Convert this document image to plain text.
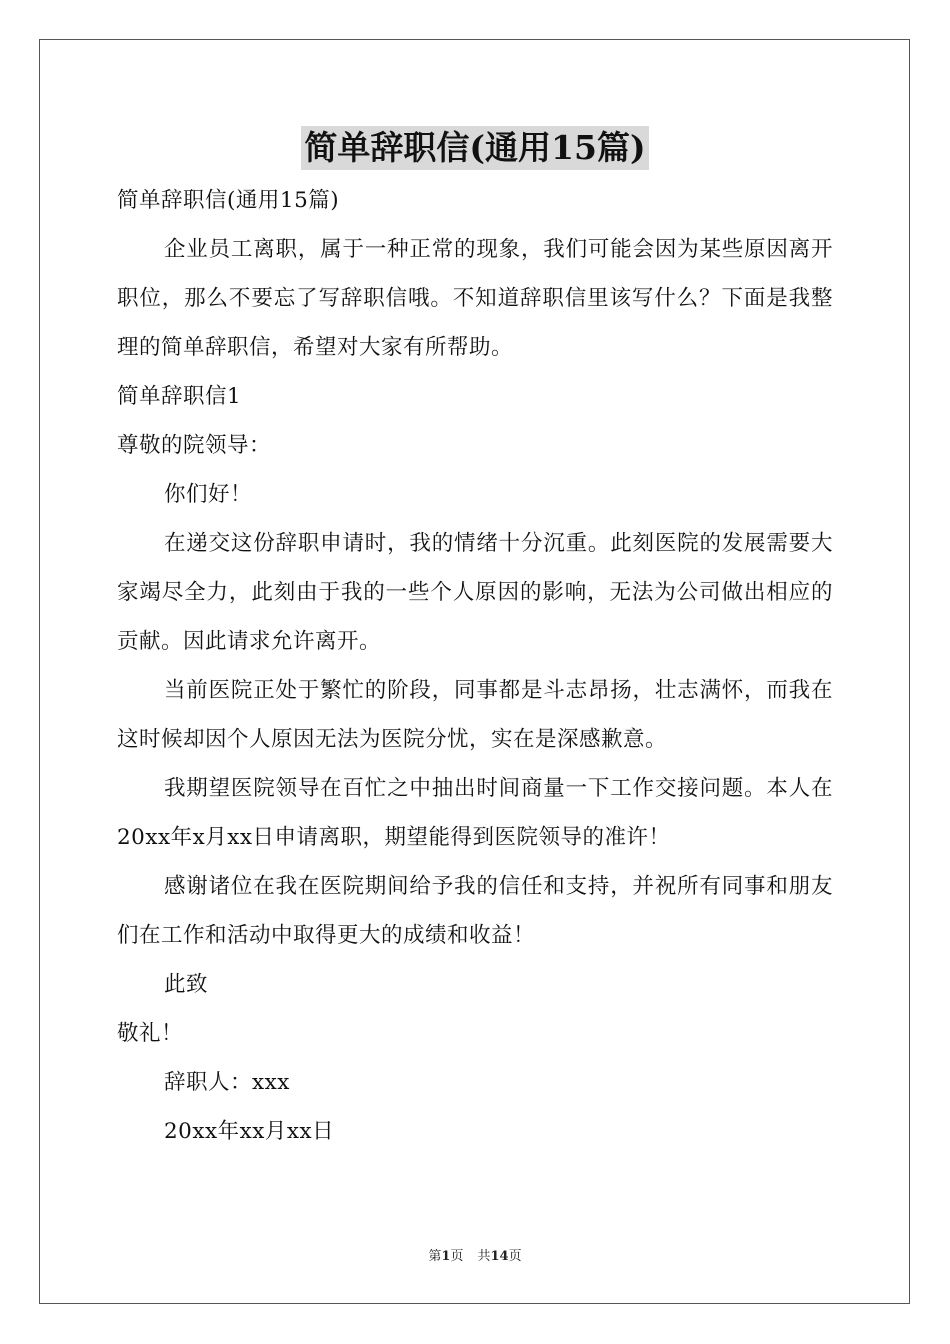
简单辞职信(通用15篇)

简单辞职信(通用15篇)

企业员工离职，属于一种正常的现象，我们可能会因为某些原因离开职位，那么不要忘了写辞职信哦。不知道辞职信里该写什么？下面是我整理的简单辞职信，希望对大家有所帮助。

简单辞职信1

尊敬的院领导：

你们好！

在递交这份辞职申请时，我的情绪十分沉重。此刻医院的发展需要大家竭尽全力，此刻由于我的一些个人原因的影响，无法为公司做出相应的贡献。因此请求允许离开。

当前医院正处于繁忙的阶段，同事都是斗志昂扬，壮志满怀，而我在这时候却因个人原因无法为医院分忧，实在是深感歉意。

我期望医院领导在百忙之中抽出时间商量一下工作交接问题。本人在20xx年x月xx日申请离职，期望能得到医院领导的准许！

感谢诸位在我在医院期间给予我的信任和支持，并祝所有同事和朋友们在工作和活动中取得更大的成绩和收益！

此致

敬礼！

辞职人：xxx

20xx年xx月xx日

第1页 共14页
